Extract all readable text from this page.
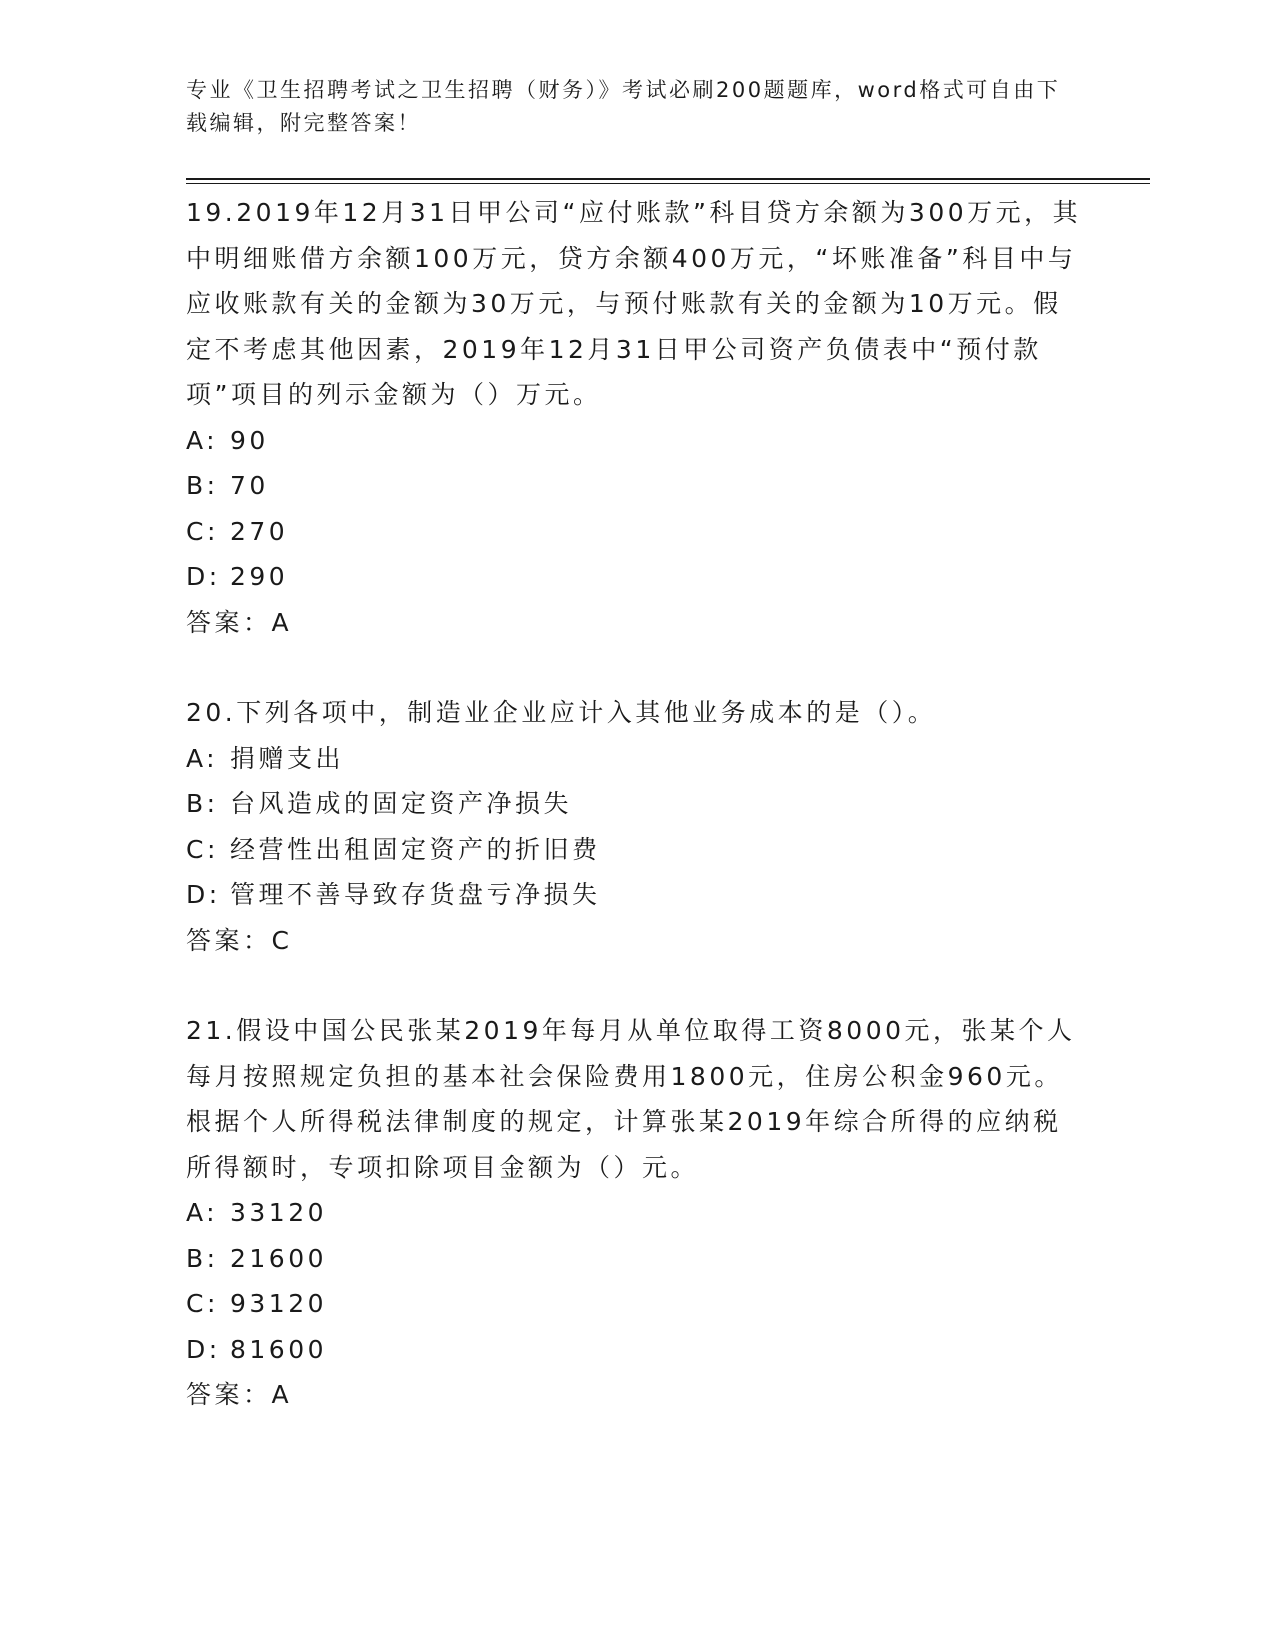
专业《卫生招聘考试之卫生招聘（财务）》考试必刷200题题库，word格式可自由下载编辑，附完整答案！

19.2019年12月31日甲公司“应付账款”科目贷方余额为300万元，其中明细账借方余额100万元，贷方余额400万元，“坏账准备”科目中与应收账款有关的金额为30万元，与预付账款有关的金额为10万元。假定不考虑其他因素，2019年12月31日甲公司资产负债表中“预付款项”项目的列示金额为（）万元。

A: 90

B: 70

C: 270

D: 290

答案：A

20.下列各项中，制造业企业应计入其他业务成本的是（）。

A: 捐赠支出

B: 台风造成的固定资产净损失

C: 经营性出租固定资产的折旧费

D: 管理不善导致存货盘亏净损失

答案：C

21.假设中国公民张某2019年每月从单位取得工资8000元，张某个人每月按照规定负担的基本社会保险费用1800元，住房公积金960元。根据个人所得税法律制度的规定，计算张某2019年综合所得的应纳税所得额时，专项扣除项目金额为（）元。

A: 33120

B: 21600

C: 93120

D: 81600

答案：A
